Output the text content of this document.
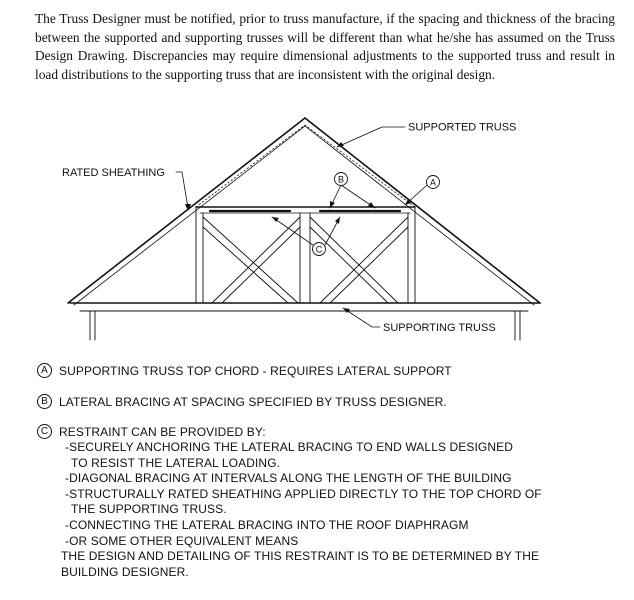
The Truss Designer must be notified, prior to truss manufacture, if the spacing and thickness of the bracing between the supported and supporting trusses will be different than what he/she has assumed on the Truss Design Drawing. Discrepancies may require dimensional adjustments to the supported truss and result in load distributions to the supporting truss that are inconsistent with the original design.

B	A
C
SUPPORTED TRUSS
RATED SHEATHING
SUPPORTING TRUSS
A SUPPORTING TRUSS TOP CHORD - REQUIRES LATERAL SUPPORT
B LATERAL BRACING AT SPACING SPECIFIED BY TRUSS DESIGNER.
C RESTRAINT CAN BE PROVIDED BY:
-SECURELY ANCHORING THE LATERAL BRACING TO END WALLS DESIGNED
TO RESIST THE LATERAL LOADING.
-DIAGONAL BRACING AT INTERVALS ALONG THE LENGTH OF THE BUILDING
-STRUCTURALLY RATED SHEATHING APPLIED DIRECTLY TO THE TOP CHORD OF
THE SUPPORTING TRUSS.
-CONNECTING THE LATERAL BRACING INTO THE ROOF DIAPHRAGM
-OR SOME OTHER EQUIVALENT MEANS
THE DESIGN AND DETAILING OF THIS RESTRAINT IS TO BE DETERMINED BY THE
BUILDING DESIGNER.
